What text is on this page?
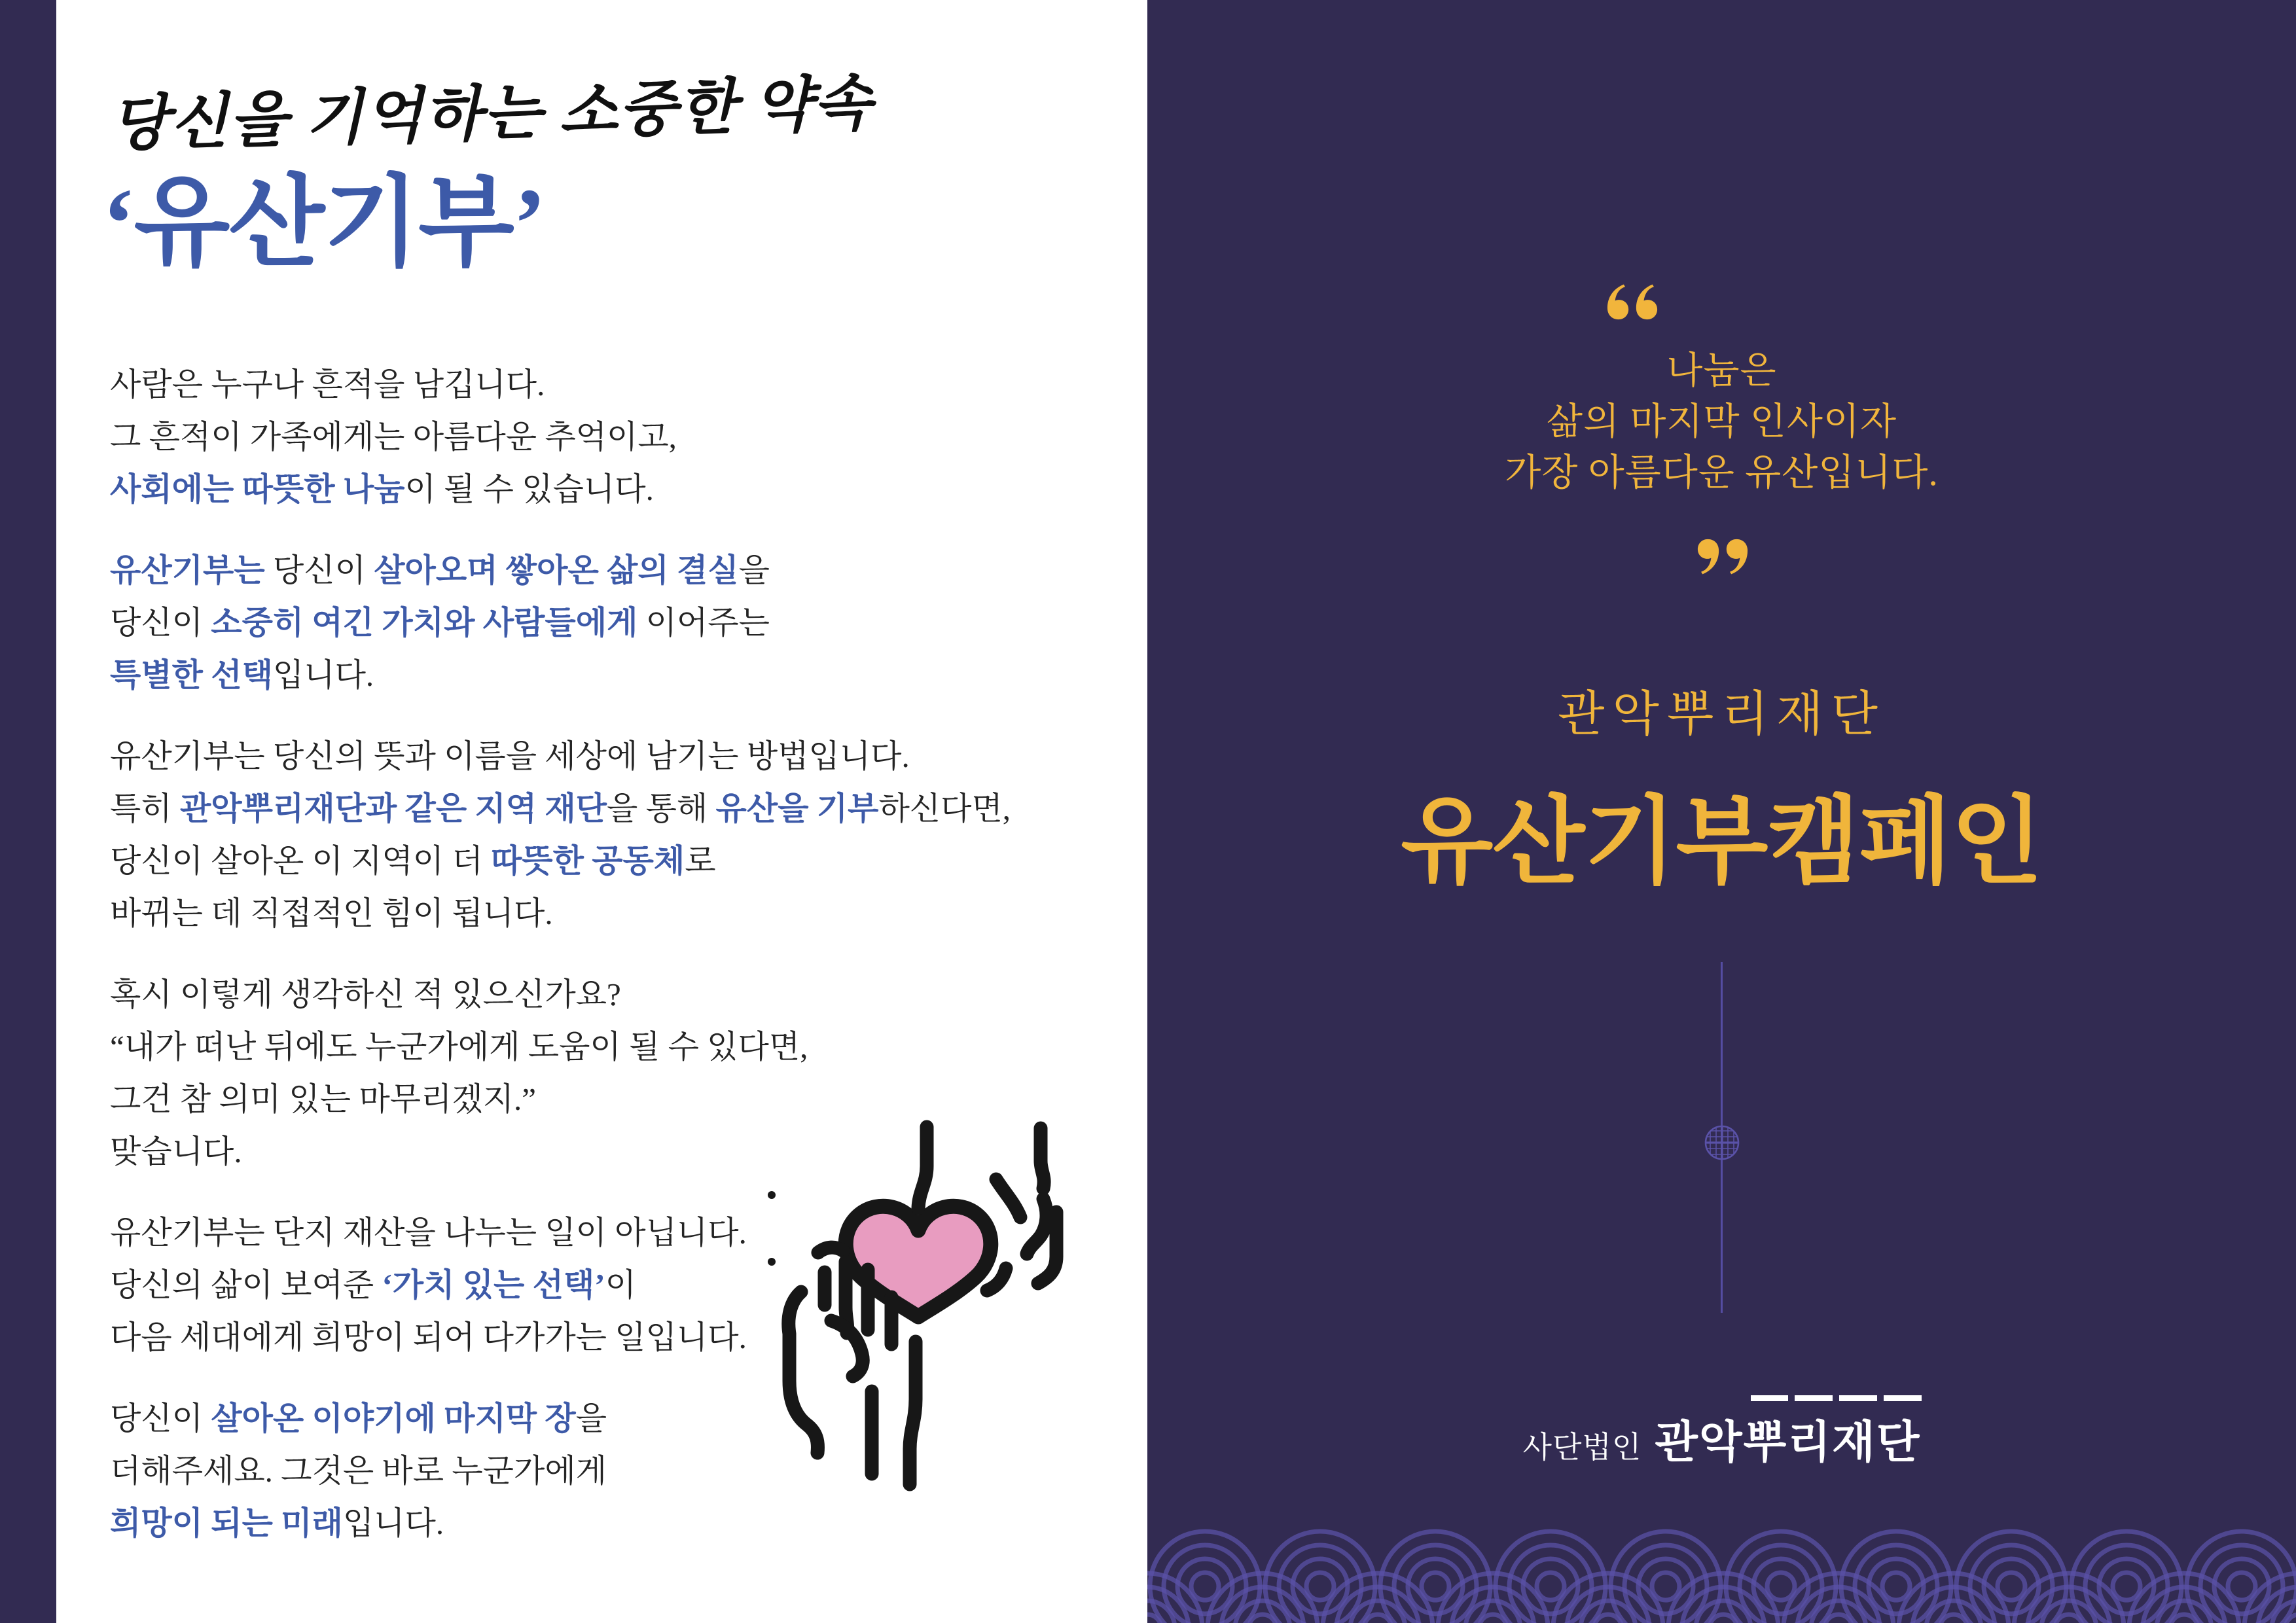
당신을 기억하는 소중한 약속
‘유산기부’

사람은 누구나 흔적을 남깁니다.
그 흔적이 가족에게는 아름다운 추억이고,
사회에는 따뜻한 나눔이 될 수 있습니다.

유산기부는 당신이 살아오며 쌓아온 삶의 결실을
당신이 소중히 여긴 가치와 사람들에게 이어주는
특별한 선택입니다.

유산기부는 당신의 뜻과 이름을 세상에 남기는 방법입니다.
특히 관악뿌리재단과 같은 지역 재단을 통해 유산을 기부하신다면,
당신이 살아온 이 지역이 더 따뜻한 공동체로
바뀌는 데 직접적인 힘이 됩니다.

혹시 이렇게 생각하신 적 있으신가요?
“내가 떠난 뒤에도 누군가에게 도움이 될 수 있다면,
그건 참 의미 있는 마무리겠지.”
맞습니다.

유산기부는 단지 재산을 나누는 일이 아닙니다.
당신의 삶이 보여준 ‘가치 있는 선택’이
다음 세대에게 희망이 되어 다가가는 일입니다.

당신이 살아온 이야기에 마지막 장을
더해주세요. 그것은 바로 누군가에게
희망이 되는 미래입니다.

나눔은
삶의 마지막 인사이자
가장 아름다운 유산입니다.
관악뿌리재단
유산기부캠페인
사단법인 관악뿌리재단
